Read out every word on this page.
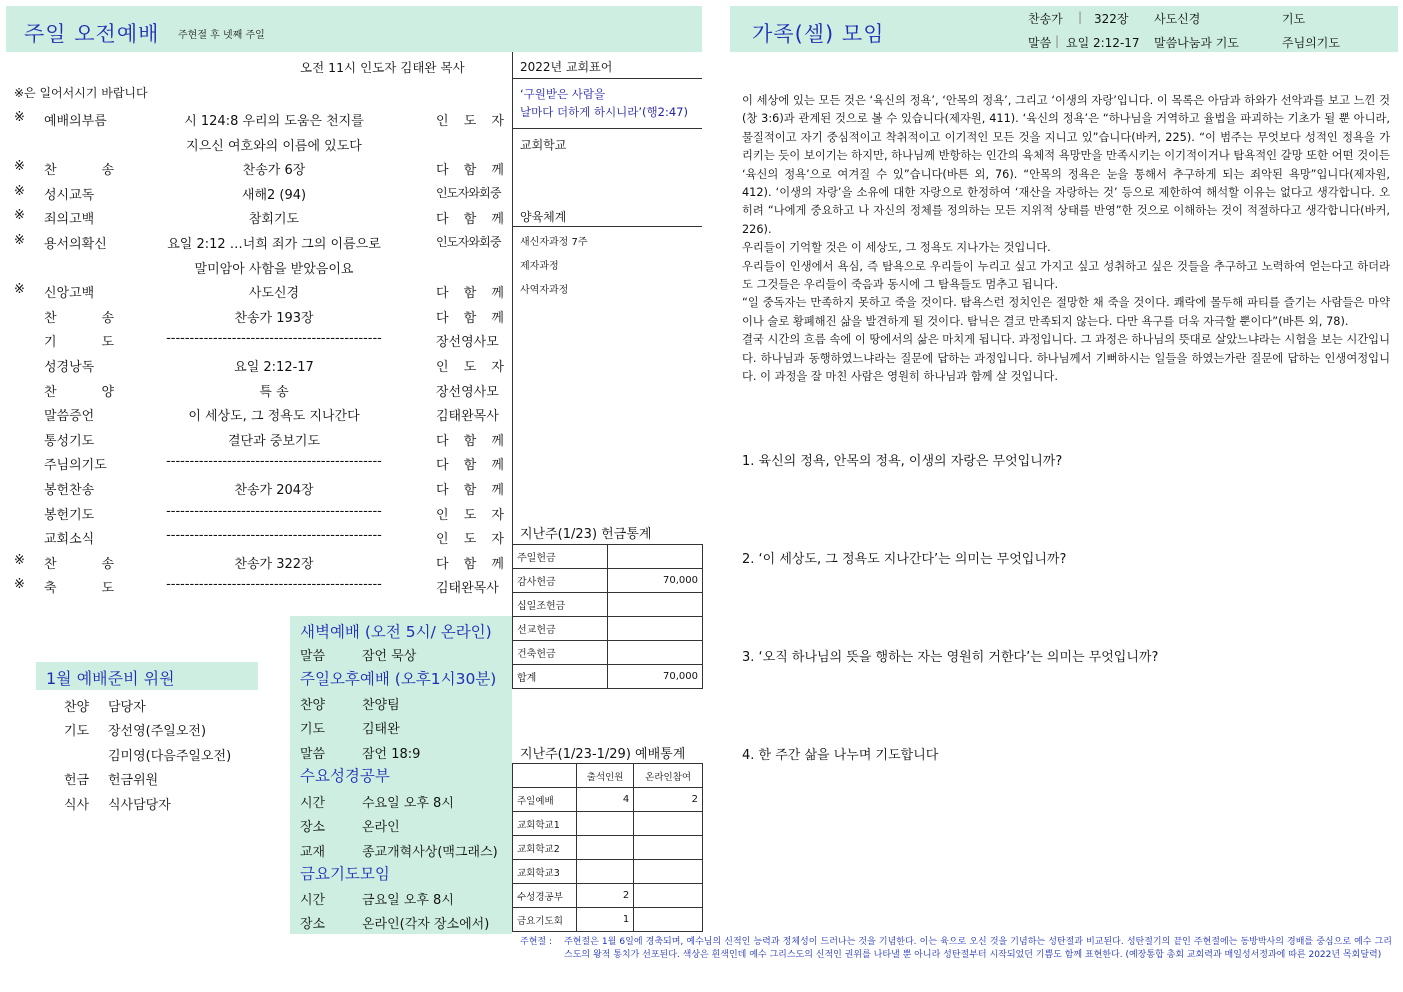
주일 오전예배 주현절 후 넷째 주일	가족(셀) 모임
찬송가 | 322장 사도신경	기도
말씀 | 요일 2:12-17 말씀나눔과 기도	주님의기도
오전 11시 인도자 김태완 목사
※은 일어서시기 바랍니다
※ 예배의부름	시 124:8 우리의 도움은 천지를	인 도 자
지으신 여호와의 이름에 있도다
※ 찬 송	찬송가 6장	다 함 께
※ 성시교독	새해2 (94)	인도자와회중
※ 죄의고백	참회기도	다 함 께
※ 용서의확신	요일 2:12 …너희 죄가 그의 이름으로	인도자와회중
말미암아 사함을 받았음이요
※ 신앙고백	사도신경	다 함 께
찬 송	찬송가 193장	다 함 께
기 도	----------------------------------------------	장선영사모
성경낭독	요일 2:12-17	인 도 자
찬 양	특 송	장선영사모
말씀증언	이 세상도, 그 정욕도 지나간다	김태완목사
통성기도	결단과 중보기도	다 함 께
주님의기도	----------------------------------------------	다 함 께
봉헌찬송	찬송가 204장	다 함 께
봉헌기도	----------------------------------------------	인 도 자
교회소식	----------------------------------------------	인 도 자
※ 찬 송	찬송가 322장	다 함 께
※ 축 도	----------------------------------------------	김태완목사
2022년 교회표어
‘구원받은 사람을
날마다 더하게 하시니라’(행2:47)
교회학교
양육체계
새신자과정 7주
제자과정
사역자과정
지난주(1/23) 헌금통계
주일헌금	
감사헌금	70,000
십일조헌금	
선교헌금	
건축헌금	
합계	70,000
지난주(1/23-1/29) 예배통계
	출석인원	온라인참여
주일예배	4	2
교회학교1		
교회학교2		
교회학교3		
수성경공부	2	
금요기도회	1	
새벽예배 (오전 5시/ 온라인)
말씀	잠언 묵상
주일오후예배 (오후1시30분)
찬양	찬양팀
기도	김태완
말씀	잠언 18:9
수요성경공부
시간	수요일 오후 8시
장소	온라인
교재	종교개혁사상(맥그래스)
금요기도모임
시간	금요일 오후 8시
장소	온라인(각자 장소에서)
1월 예배준비 위원
찬양 담당자
기도 장선영(주일오전)
김미영(다음주일오전)
헌금 헌금위원
식사 식사담당자

이 세상에 있는 모든 것은 ‘육신의 정욕’, ‘안목의 정욕’, 그리고 ‘이생의 자랑’입니다. 이 목록은 아담과 하와가 선악과를 보고 느낀 것(창 3:6)과 관계된 것으로 볼 수 있습니다(제자원, 411). ‘육신의 정욕’은 “하나님을 거역하고 율법을 파괴하는 기초가 될 뿐 아니라, 물질적이고 자기 중심적이고 착취적이고 이기적인 모든 것을 지니고 있”습니다(바커, 225). “이 범주는 무엇보다 성적인 정욕을 가리키는 듯이 보이기는 하지만, 하나님께 반항하는 인간의 육체적 욕망만을 만족시키는 이기적이거나 탐욕적인 갈망 또한 어떤 것이든 ‘육신의 정욕’으로 여겨질 수 있”습니다(바튼 외, 76). “안목의 정욕은 눈을 통해서 추구하게 되는 죄악된 욕망”입니다(제자원, 412). ‘이생의 자랑’을 소유에 대한 자랑으로 한정하여 ‘재산을 자랑하는 것’ 등으로 제한하여 해석할 이유는 없다고 생각합니다. 오히려 “나에게 중요하고 나 자신의 정체를 정의하는 모든 지위적 상태를 반영”한 것으로 이해하는 것이 적절하다고 생각합니다(바커, 226).

우리들이 기억할 것은 이 세상도, 그 정욕도 지나가는 것입니다.

우리들이 인생에서 욕심, 즉 탐욕으로 우리들이 누리고 싶고 가지고 싶고 성취하고 싶은 것들을 추구하고 노력하여 얻는다고 하더라도 그것들은 우리들이 죽음과 동시에 그 탐욕들도 멈추고 됩니다.

“일 중독자는 만족하지 못하고 죽을 것이다. 탐욕스런 정치인은 절망한 채 죽을 것이다. 쾌락에 몰두해 파티를 즐기는 사람들은 마약이나 술로 황폐해진 삶을 발견하게 될 것이다. 탐닉은 결코 만족되지 않는다. 다만 욕구를 더욱 자극할 뿐이다”(바튼 외, 78).

결국 시간의 흐름 속에 이 땅에서의 삶은 마치게 됩니다. 과정입니다. 그 과정은 하나님의 뜻대로 살았느냐라는 시험을 보는 시간입니다. 하나님과 동행하였느냐라는 질문에 답하는 과정입니다. 하나님께서 기뻐하시는 일들을 하였는가란 질문에 답하는 인생여정입니다. 이 과정을 잘 마친 사람은 영원히 하나님과 함께 살 것입니다.

1. 육신의 정욕, 안목의 정욕, 이생의 자랑은 무엇입니까?
2. ‘이 세상도, 그 정욕도 지나간다’는 의미는 무엇입니까?
3. ‘오직 하나님의 뜻을 행하는 자는 영원히 거한다’는 의미는 무엇입니까?
4. 한 주간 삶을 나누며 기도합니다
주현절 : 주현절은 1월 6일에 경축되며, 예수님의 신적인 능력과 정체성이 드러나는 것을 기념한다. 이는 육으로 오신 것을 기념하는 성탄절과 비교된다. 성탄절기의 끝인 주현절에는 동방박사의 경배를 중심으로 예수 그리스도의 왕적 통치가 선포된다. 색상은 흰색인데 예수 그리스도의 신적인 권위를 나타낼 뿐 아니라 성탄절부터 시작되었던 기쁨도 함께 표현한다. (예장통합 총회 교회력과 매일성서정과에 따른 2022년 목회달력)
